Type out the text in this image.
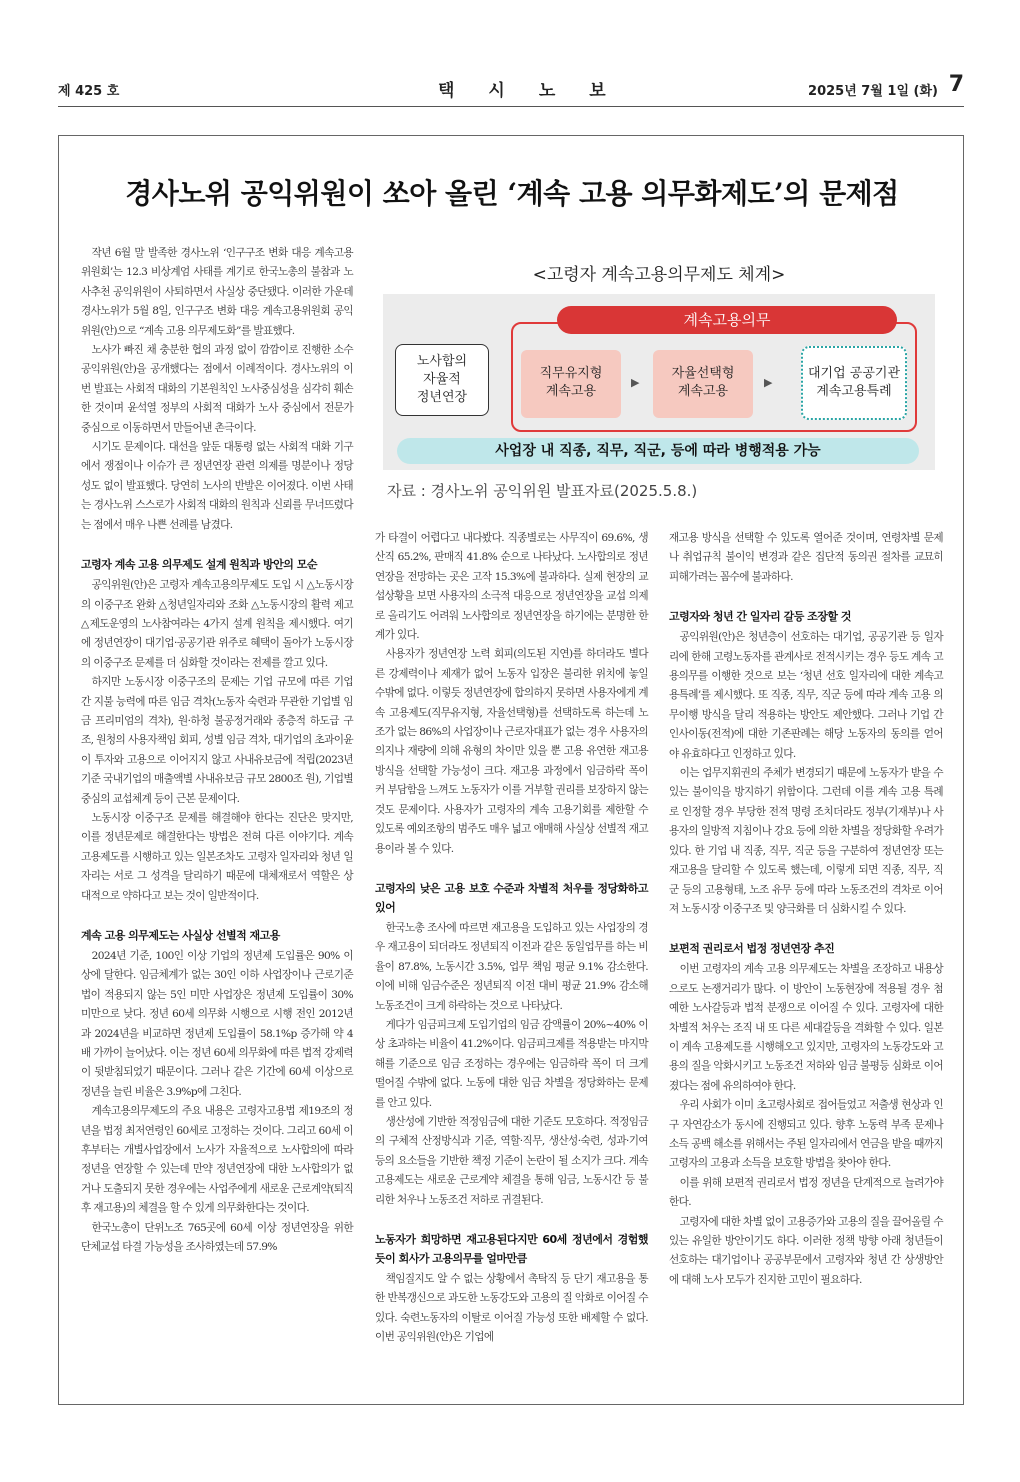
제 425 호	택시노보	2025년 7월 1일 (화) 7
경사노위 공익위원이 쏘아 올린 ‘계속 고용 의무화제도’의 문제점
<고령자 계속고용의무제도 체계>
계속고용의무
노사합의
자율적
정년연장
직무유지형
계속고용
▶
자율선택형
계속고용
▶
대기업 공공기관
계속고용특례
사업장 내 직종, 직무, 직군, 등에 따라 병행적용 가능
자료 : 경사노위 공익위원 발표자료(2025.5.8.)

작년 6월 말 발족한 경사노위 ‘인구구조 변화 대응 계속고용위원회’는 12.3 비상계엄 사태를 계기로 한국노총의 불참과 노사추천 공익위원이 사퇴하면서 사실상 중단됐다. 이러한 가운데 경사노위가 5월 8일, 인구구조 변화 대응 계속고용위원회 공익위원(안)으로 “계속 고용 의무제도화”를 발표했다.

노사가 빠진 채 충분한 협의 과정 없이 깜깜이로 진행한 소수 공익위원(안)을 공개했다는 점에서 이례적이다. 경사노위의 이번 발표는 사회적 대화의 기본원칙인 노사중심성을 심각히 훼손한 것이며 윤석열 정부의 사회적 대화가 노사 중심에서 전문가 중심으로 이동하면서 만들어낸 촌극이다.

시기도 문제이다. 대선을 앞둔 대통령 없는 사회적 대화 기구에서 쟁점이나 이슈가 큰 정년연장 관련 의제를 명분이나 정당성도 없이 발표했다. 당연히 노사의 반발은 이어졌다. 이번 사태는 경사노위 스스로가 사회적 대화의 원칙과 신뢰를 무너뜨렸다는 점에서 매우 나쁜 선례를 남겼다.

고령자 계속 고용 의무제도 설계 원칙과 방안의 모순

공익위원(안)은 고령자 계속고용의무제도 도입 시 △노동시장의 이중구조 완화 △청년일자리와 조화 △노동시장의 활력 제고 △제도운영의 노사참여라는 4가지 설계 원칙을 제시했다. 여기에 정년연장이 대기업·공공기관 위주로 혜택이 돌아가 노동시장의 이중구조 문제를 더 심화할 것이라는 전제를 깔고 있다.

하지만 노동시장 이중구조의 문제는 기업 규모에 따른 기업 간 지불 능력에 따른 임금 격차(노동자 숙련과 무관한 기업별 임금 프리미엄의 격차), 원·하청 불공정거래와 종층적 하도급 구조, 원청의 사용자책임 회피, 성별 임금 격차, 대기업의 초과이윤이 투자와 고용으로 이어지지 않고 사내유보금에 적립(2023년 기준 국내기업의 매출액별 사내유보금 규모 2800조 원), 기업별 중심의 교섭체계 등이 근본 문제이다.

노동시장 이중구조 문제를 해결해야 한다는 진단은 맞지만, 이를 정년문제로 해결한다는 방법은 전혀 다른 이야기다. 계속 고용제도를 시행하고 있는 일본조차도 고령자 일자리와 청년 일자리는 서로 그 성격을 달리하기 때문에 대체재로서 역할은 상대적으로 약하다고 보는 것이 일반적이다.

계속 고용 의무제도는 사실상 선별적 재고용

2024년 기준, 100인 이상 기업의 정년제 도입률은 90% 이상에 달한다. 임금체계가 없는 30인 이하 사업장이나 근로기준법이 적용되지 않는 5인 미만 사업장은 정년제 도입률이 30% 미만으로 낮다. 정년 60세 의무화 시행으로 시행 전인 2012년과 2024년을 비교하면 정년제 도입률이 58.1%p 증가해 약 4배 가까이 늘어났다. 이는 정년 60세 의무화에 따른 법적 강제력이 뒷받침되었기 때문이다. 그러나 같은 기간에 60세 이상으로 정년을 늘린 비율은 3.9%p에 그친다.

계속고용의무제도의 주요 내용은 고령자고용법 제19조의 정년을 법정 최저연령인 60세로 고정하는 것이다. 그리고 60세 이후부터는 개별사업장에서 노사가 자율적으로 노사합의에 따라 정년을 연장할 수 있는데 만약 정년연장에 대한 노사합의가 없거나 도출되지 못한 경우에는 사업주에게 새로운 근로계약(퇴직 후 재고용)의 체결을 할 수 있게 의무화한다는 것이다.

한국노총이 단위노조 765곳에 60세 이상 정년연장을 위한 단체교섭 타결 가능성을 조사하였는데 57.9%

가 타결이 어렵다고 내다봤다. 직종별로는 사무직이 69.6%, 생산직 65.2%, 판매직 41.8% 순으로 나타났다. 노사합의로 정년연장을 전망하는 곳은 고작 15.3%에 불과하다. 실제 현장의 교섭상황을 보면 사용자의 소극적 대응으로 정년연장을 교섭 의제로 올리기도 어려워 노사합의로 정년연장을 하기에는 분명한 한계가 있다.

사용자가 정년연장 노력 회피(의도된 지연)를 하더라도 별다른 강제력이나 제재가 없어 노동자 입장은 불리한 위치에 놓일 수밖에 없다. 이렇듯 정년연장에 합의하지 못하면 사용자에게 계속 고용제도(직무유지형, 자율선택형)를 선택하도록 하는데 노조가 없는 86%의 사업장이나 근로자대표가 없는 경우 사용자의 의지나 재량에 의해 유형의 차이만 있을 뿐 고용 유연한 재고용 방식을 선택할 가능성이 크다. 재고용 과정에서 임금하락 폭이 커 부담함을 느껴도 노동자가 이를 거부할 권리를 보장하지 않는 것도 문제이다. 사용자가 고령자의 계속 고용기회를 제한할 수 있도록 예외조항의 범주도 매우 넓고 애매해 사실상 선별적 재고용이라 볼 수 있다.

고령자의 낮은 고용 보호 수준과 차별적 처우를 정당화하고 있어

한국노총 조사에 따르면 재고용을 도입하고 있는 사업장의 경우 재고용이 되더라도 정년퇴직 이전과 같은 동일업무를 하는 비율이 87.8%, 노동시간 3.5%, 업무 책임 평균 9.1% 감소한다. 이에 비해 임금수준은 정년퇴직 이전 대비 평균 21.9% 감소해 노동조건이 크게 하락하는 것으로 나타났다.

게다가 임금피크제 도입기업의 임금 감액률이 20%~40% 이상 초과하는 비율이 41.2%이다. 임금피크제를 적용받는 마지막 해를 기준으로 임금 조정하는 경우에는 임금하락 폭이 더 크게 떨어질 수밖에 없다. 노동에 대한 임금 차별을 정당화하는 문제를 안고 있다.

생산성에 기반한 적정임금에 대한 기준도 모호하다. 적정임금의 구체적 산정방식과 기준, 역할·직무, 생산성·숙련, 성과·기여 등의 요소들을 기반한 책정 기준이 논란이 될 소지가 크다. 계속 고용제도는 새로운 근로계약 체결을 통해 임금, 노동시간 등 불리한 처우나 노동조건 저하로 귀결된다.

노동자가 희망하면 재고용된다지만 60세 정년에서 경험했듯이 회사가 고용의무를 얼마만큼

책임질지도 알 수 없는 상황에서 촉탁직 등 단기 재고용을 통한 반복갱신으로 과도한 노동강도와 고용의 질 악화로 이어질 수 있다. 숙련노동자의 이탈로 이어질 가능성 또한 배제할 수 없다. 이번 공익위원(안)은 기업에

재고용 방식을 선택할 수 있도록 열어준 것이며, 연령차별 문제나 취업규칙 불이익 변경과 같은 집단적 동의권 절차를 교묘히 피해가려는 꼼수에 불과하다.

고령자와 청년 간 일자리 갈등 조장할 것

공익위원(안)은 청년층이 선호하는 대기업, 공공기관 등 일자리에 한해 고령노동자를 관계사로 전적시키는 경우 등도 계속 고용의무를 이행한 것으로 보는 ‘청년 선호 일자리에 대한 계속고용특례’를 제시했다. 또 직종, 직무, 직군 등에 따라 계속 고용 의무이행 방식을 달리 적용하는 방안도 제안했다. 그러나 기업 간 인사이동(전적)에 대한 기존판례는 해당 노동자의 동의를 얻어야 유효하다고 인정하고 있다.

이는 업무지휘권의 주체가 변경되기 때문에 노동자가 받을 수 있는 불이익을 방지하기 위함이다. 그런데 이를 계속 고용 특례로 인정할 경우 부당한 전적 명령 조치더라도 정부(기재부)나 사용자의 일방적 지침이나 강요 등에 의한 차별을 정당화할 우려가 있다. 한 기업 내 직종, 직무, 직군 등을 구분하여 정년연장 또는 재고용을 달리할 수 있도록 했는데, 이렇게 되면 직종, 직무, 직군 등의 고용형태, 노조 유무 등에 따라 노동조건의 격차로 이어져 노동시장 이중구조 및 양극화를 더 심화시킬 수 있다.

보편적 권리로서 법정 정년연장 추진

이번 고령자의 계속 고용 의무제도는 차별을 조장하고 내용상으로도 논쟁거리가 많다. 이 방안이 노동현장에 적용될 경우 첨예한 노사갈등과 법적 분쟁으로 이어질 수 있다. 고령자에 대한 차별적 처우는 조직 내 또 다른 세대갈등을 격화할 수 있다. 일본이 계속 고용제도를 시행해오고 있지만, 고령자의 노동강도와 고용의 질을 악화시키고 노동조건 저하와 임금 불평등 심화로 이어졌다는 점에 유의하여야 한다.

우리 사회가 이미 초고령사회로 접어들었고 저출생 현상과 인구 자연감소가 동시에 진행되고 있다. 향후 노동력 부족 문제나 소득 공백 해소를 위해서는 주된 일자리에서 연금을 받을 때까지 고령자의 고용과 소득을 보호할 방법을 찾아야 한다.

이를 위해 보편적 권리로서 법정 정년을 단계적으로 늘려가야 한다.

고령자에 대한 차별 없이 고용증가와 고용의 질을 끌어올릴 수 있는 유일한 방안이기도 하다. 이러한 정책 방향 아래 청년들이 선호하는 대기업이나 공공부문에서 고령자와 청년 간 상생방안에 대해 노사 모두가 진지한 고민이 필요하다.
